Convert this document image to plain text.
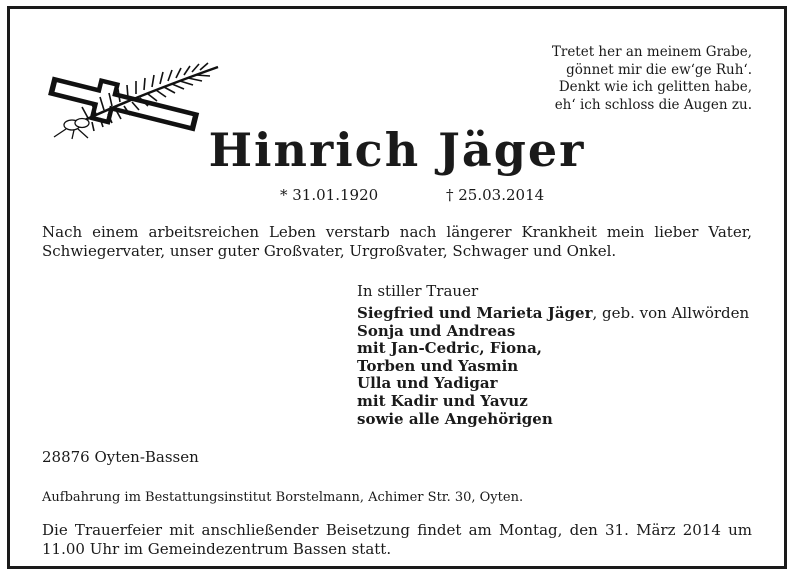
Tretet her an meinem Grabe,
gönnet mir die ew‘ge Ruh‘.
Denkt wie ich gelitten habe,
eh‘ ich schloss die Augen zu.
Hinrich Jäger
* 31.01.1920	† 25.03.2014

Nach einem arbeitsreichen Leben verstarb nach längerer Krankheit mein lieber Vater, Schwiegervater, unser guter Großvater, Urgroßvater, Schwager und Onkel.

In stiller Trauer
Siegfried und Marieta Jäger, geb. von Allwörden
Sonja und Andreas
mit Jan-Cedric, Fiona,
Torben und Yasmin
Ulla und Yadigar
mit Kadir und Yavuz
sowie alle Angehörigen
28876 Oyten-Bassen
Aufbahrung im Bestattungsinstitut Borstelmann, Achimer Str. 30, Oyten.

Die Trauerfeier mit anschließender Beisetzung findet am Montag, den 31. März 2014 um 11.00 Uhr im Gemeindezentrum Bassen statt.
